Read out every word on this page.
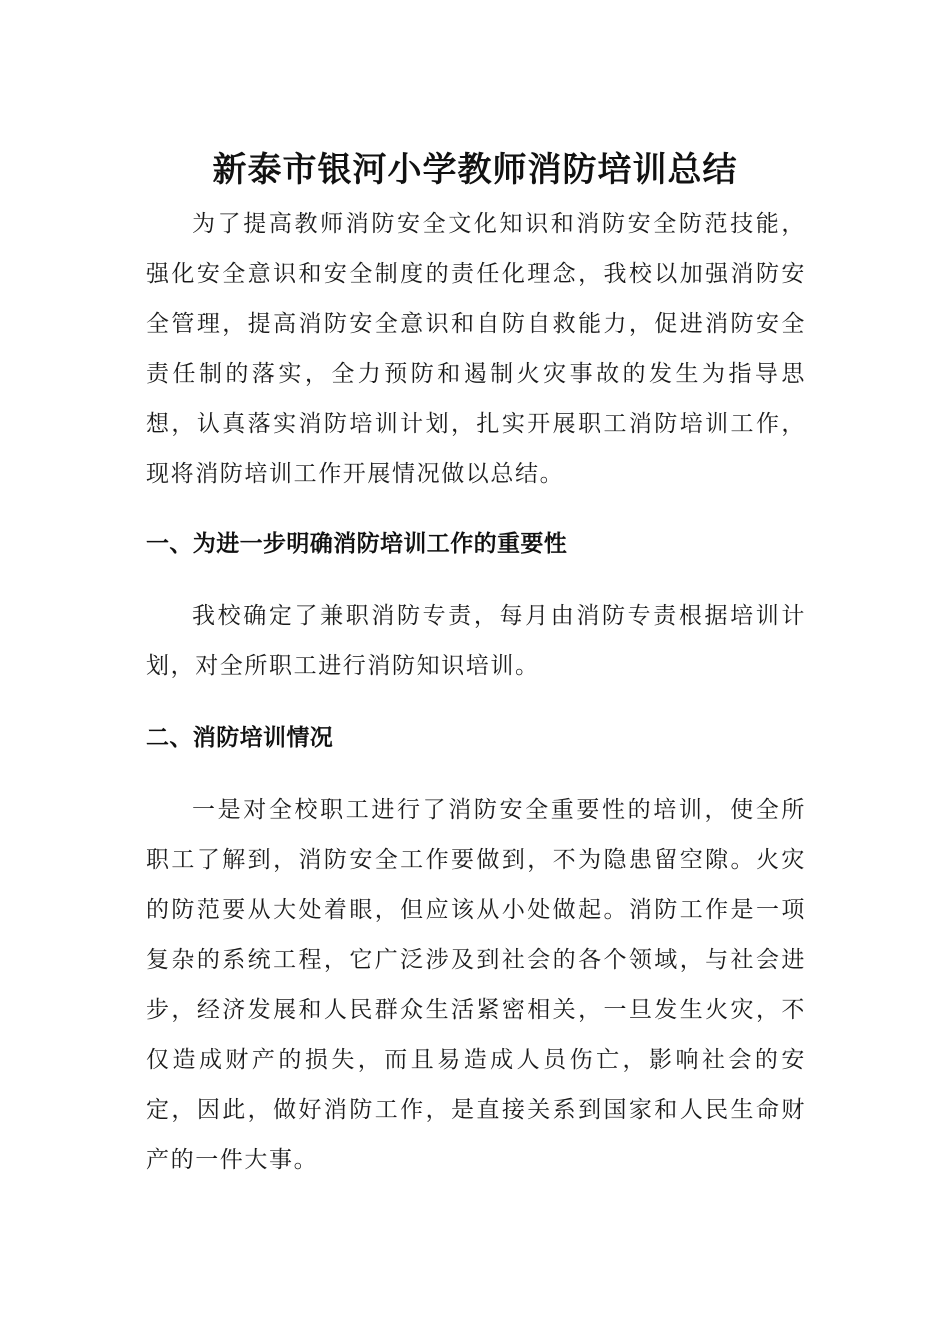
新泰市银河小学教师消防培训总结

为了提高教师消防安全文化知识和消防安全防范技能，强化安全意识和安全制度的责任化理念，我校以加强消防安全管理，提高消防安全意识和自防自救能力，促进消防安全责任制的落实，全力预防和遏制火灾事故的发生为指导思想，认真落实消防培训计划，扎实开展职工消防培训工作，现将消防培训工作开展情况做以总结。

一、为进一步明确消防培训工作的重要性

我校确定了兼职消防专责，每月由消防专责根据培训计划，对全所职工进行消防知识培训。

二、消防培训情况

一是对全校职工进行了消防安全重要性的培训，使全所职工了解到，消防安全工作要做到，不为隐患留空隙。火灾的防范要从大处着眼，但应该从小处做起。消防工作是一项复杂的系统工程，它广泛涉及到社会的各个领域，与社会进步，经济发展和人民群众生活紧密相关，一旦发生火灾，不仅造成财产的损失，而且易造成人员伤亡，影响社会的安定，因此，做好消防工作，是直接关系到国家和人民生命财产的一件大事。
